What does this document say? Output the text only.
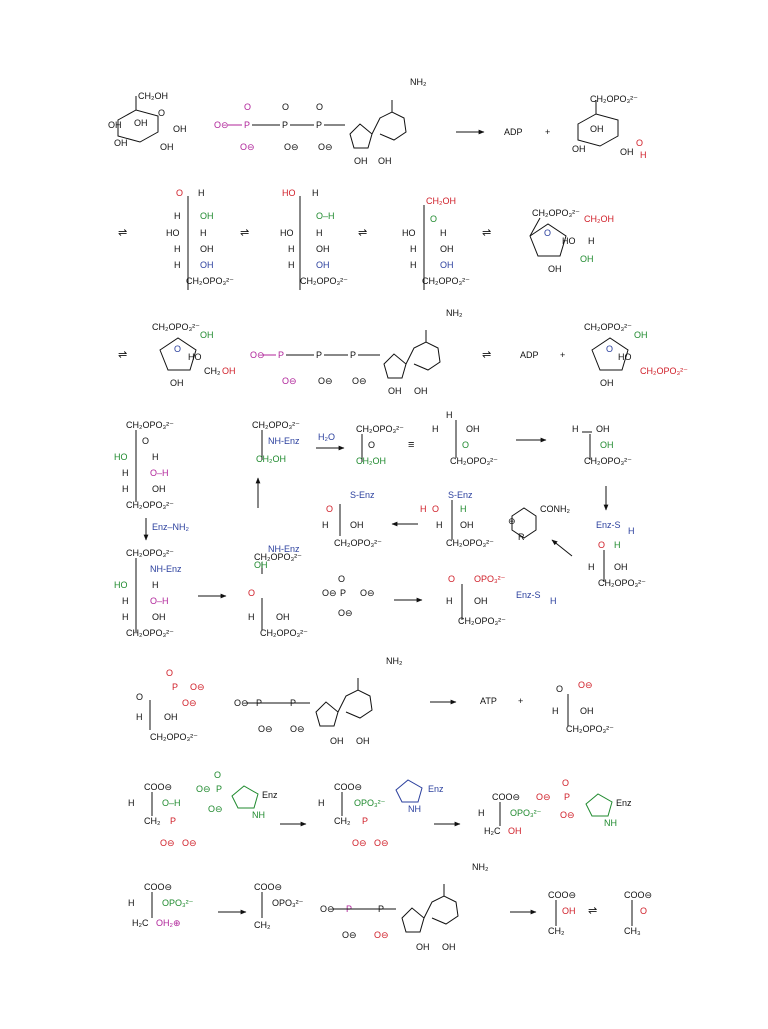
CH₂OH
OH OH
OH	OH
O
OH	O⊖ P	P	P
O
O⊖
O
O⊖
O
O⊖
NH₂
OH OH
ADP +
CH₂OPO₃²⁻
OH
OH	OH H
O
⇌
O H
H OH
HO H
H OH
H OH
CH₂OPO₃²⁻
⇌
HO H
O–H
HO	H
H OH
H OH
CH₂OPO₃²⁻
⇌
CH₂OH
O
HO	H
H	OH
H	OH
CH₂OPO₃²⁻
⇌
CH₂OPO₃²⁻
O
CH₂OH
HO H
OH
OH
⇌
CH₂OPO₃²⁻
O
OH
HO
OH
CH₂ OH
O⊖ P	P	P
O⊖ O⊖ O⊖
NH₂
OH OH
⇌	ADP +
CH₂OPO₃²⁻
O
OH
HO
OH
CH₂OPO₃²⁻
CH₂OPO₃²⁻
O
HO	H
H O–H
H	OH
CH₂OPO₃²⁻
Enz–NH₂
CH₂OPO₃²⁻
NH-Enz
HO	H
H O–H
H	OH
CH₂OPO₃²⁻
O
H OH
CH₂OPO₃²⁻
O⊖
O
P O⊖
O⊖
O OPO₃²⁻
H OH
CH₂OPO₃²⁻
Enz-S
H
CH₂OPO₃²⁻
NH-Enz
OH
CH₂OPO₃²⁻
NH-Enz
CH₂OH
H₂O
CH₂OPO₃²⁻
O
CH₂OH
≡
H
H	OH
O
CH₂OPO₃²⁻
H OH
OH
CH₂OPO₃²⁻
Enz-S
H
O H
H OH
CH₂OPO₃²⁻
CONH₂
R
⊕
S-Enz
H O H
H OH
CH₂OPO₃²⁻
S-Enz
O
H OH
CH₂OPO₃²⁻
O
O
P O⊖
O⊖
H OH
CH₂OPO₃²⁻
O⊖ P	P
O⊖ O⊖
NH₂
OH OH
ATP +
O O⊖
H OH
CH₂OPO₃²⁻
COO⊖
H	O–H
CH₂ P
O⊖ O⊖
O⊖
O
P
O⊖
Enz
NH
COO⊖
H	OPO₃²⁻
CH₂ P
O⊖ O⊖
Enz
NH
COO⊖
H	OPO₃²⁻
H₂C OH
O⊖
O
P
O⊖
Enz
NH
COO⊖
H	OPO₃²⁻
H₂C OH₂⊕
COO⊖
OPO₃²⁻
CH₂
O⊖ P	P
O⊖ O⊖
NH₂
OH OH
COO⊖
OH
CH₂
⇌
COO⊖
O
CH₃
